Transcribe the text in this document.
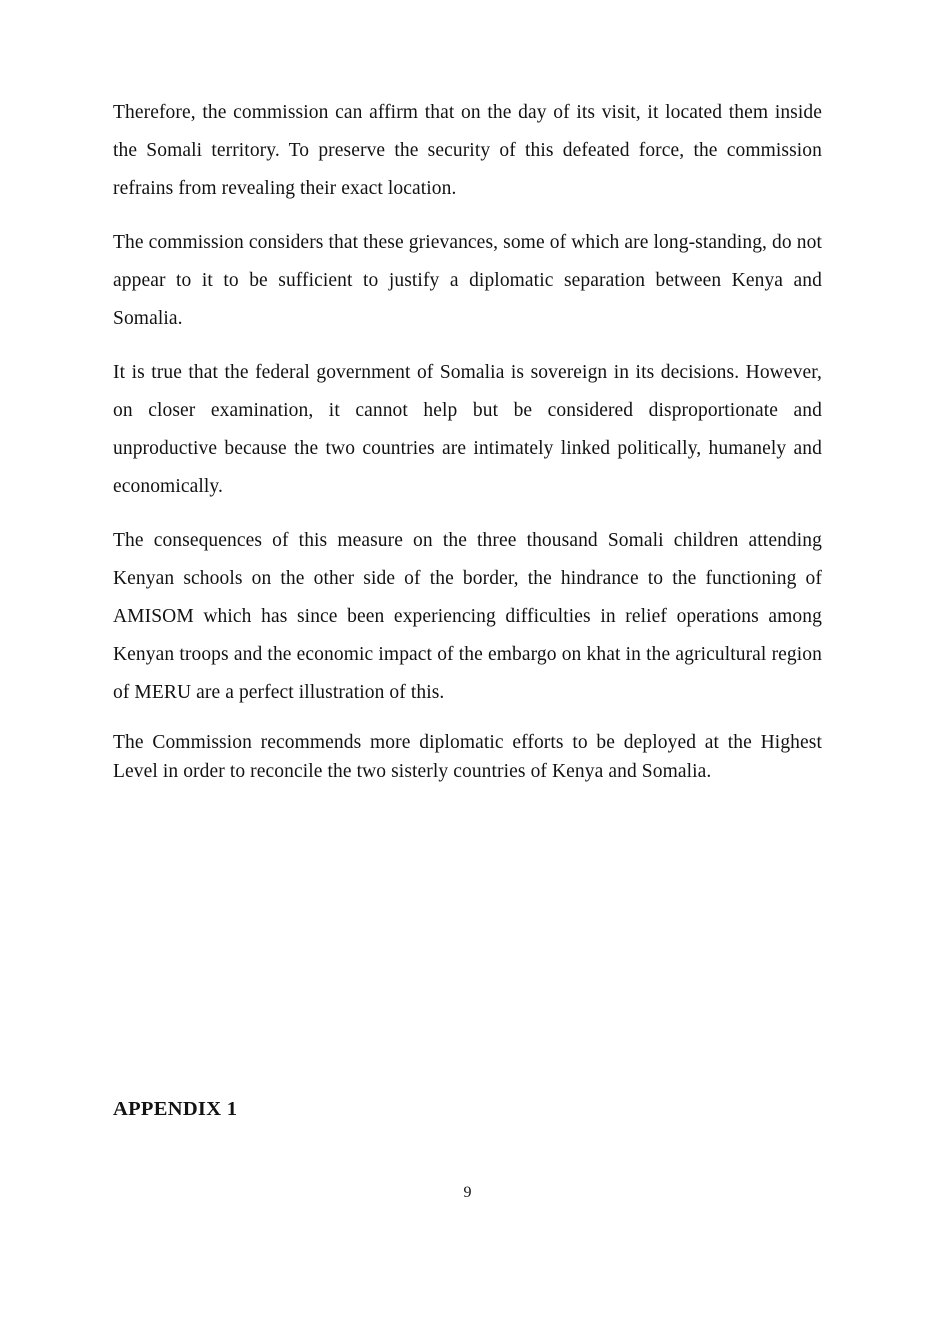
Therefore, the commission can affirm that on the day of its visit, it located them inside the Somali territory. To preserve the security of this defeated force, the commission refrains from revealing their exact location.

The commission considers that these grievances, some of which are long-standing, do not appear to it to be sufficient to justify a diplomatic separation between Kenya and Somalia.

It is true that the federal government of Somalia is sovereign in its decisions. However, on closer examination, it cannot help but be considered disproportionate and unproductive because the two countries are intimately linked politically, humanely and economically.

The consequences of this measure on the three thousand Somali children attending Kenyan schools on the other side of the border, the hindrance to the functioning of AMISOM which has since been experiencing difficulties in relief operations among Kenyan troops and the economic impact of the embargo on khat in the agricultural region of MERU are a perfect illustration of this.

The Commission recommends more diplomatic efforts to be deployed at the Highest Level in order to reconcile the two sisterly countries of Kenya and Somalia.

APPENDIX 1
9
